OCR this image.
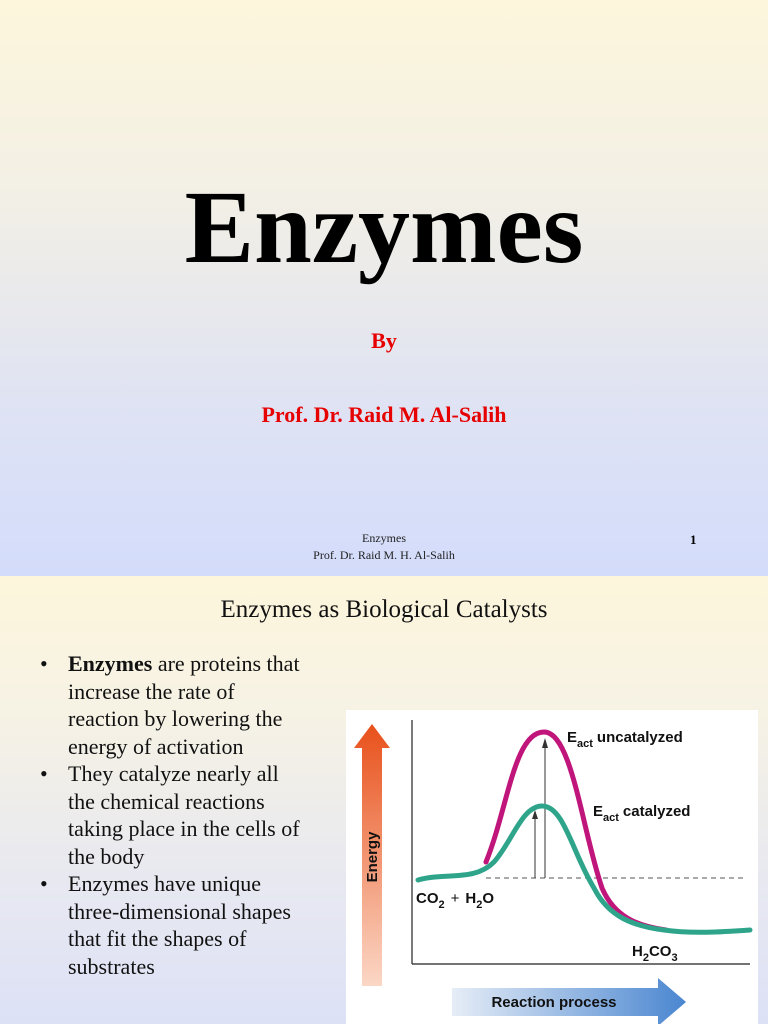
Enzymes
By
Prof. Dr. Raid M. Al-Salih
Enzymes
Prof. Dr. Raid M. H. Al-Salih
1
Enzymes as Biological Catalysts
• Enzymes are proteins that increase the rate of reaction by lowering the energy of activation
• They catalyze nearly all the chemical reactions taking place in the cells of the body
• Enzymes have unique three-dimensional shapes that fit the shapes of substrates
Energy
$E_{act}$ uncatalyzed
$E_{act}$ catalyzed
$CO_2 + H_2O$
$H_2CO_3$
Reaction process
